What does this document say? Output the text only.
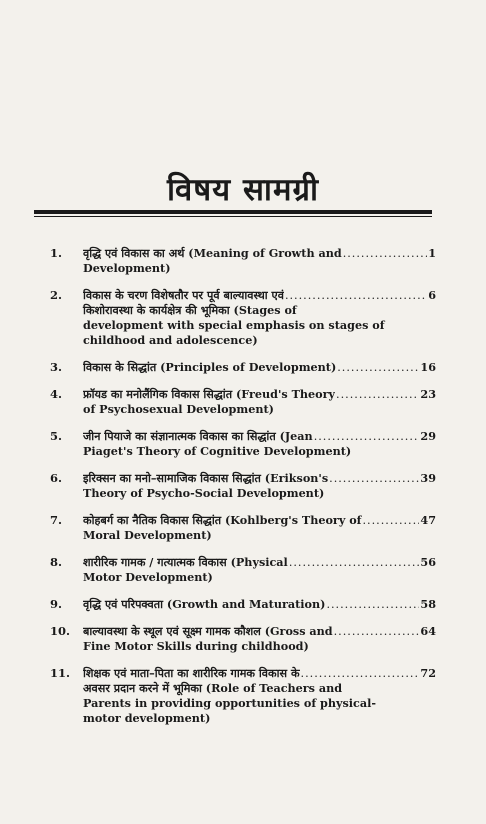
विषय सामग्री
1.	वृद्धि एवं विकास का अर्थ (Meaning of Growth and .....	1
Development)
2.	विकास के चरण विशेषतौर पर पूर्व बाल्यावस्था एवं .....	6
किशोरावस्था के कार्यक्षेत्र की भूमिका (Stages of
development with special emphasis on stages of
childhood and adolescence)
3.	विकास के सिद्धांत (Principles of Development) .....	16
4.	फ्रॉयड का मनोलैंगिक विकास सिद्धांत (Freud's Theory .....	23
of Psychosexual Development)
5.	जीन पियाजे का संज्ञानात्मक विकास का सिद्धांत (Jean .....	29
Piaget's Theory of Cognitive Development)
6.	इरिक्सन का मनो–सामाजिक विकास सिद्धांत (Erikson's .....	39
Theory of Psycho-Social Development)
7.	कोहबर्ग का नैतिक विकास सिद्धांत (Kohlberg's Theory of .....	47
Moral Development)
8.	शारीरिक गामक / गत्यात्मक विकास (Physical .....	56
Motor Development)
9.	वृद्धि एवं परिपक्वता (Growth and Maturation) .....	58
10.	बाल्यावस्था के स्थूल एवं सूक्ष्म गामक कौशल (Gross and .....	64
Fine Motor Skills during childhood)
11.	शिक्षक एवं माता–पिता का शारीरिक गामक विकास के .....	72
अवसर प्रदान करने में भूमिका (Role of Teachers and
Parents in providing opportunities of physical-
motor development)
